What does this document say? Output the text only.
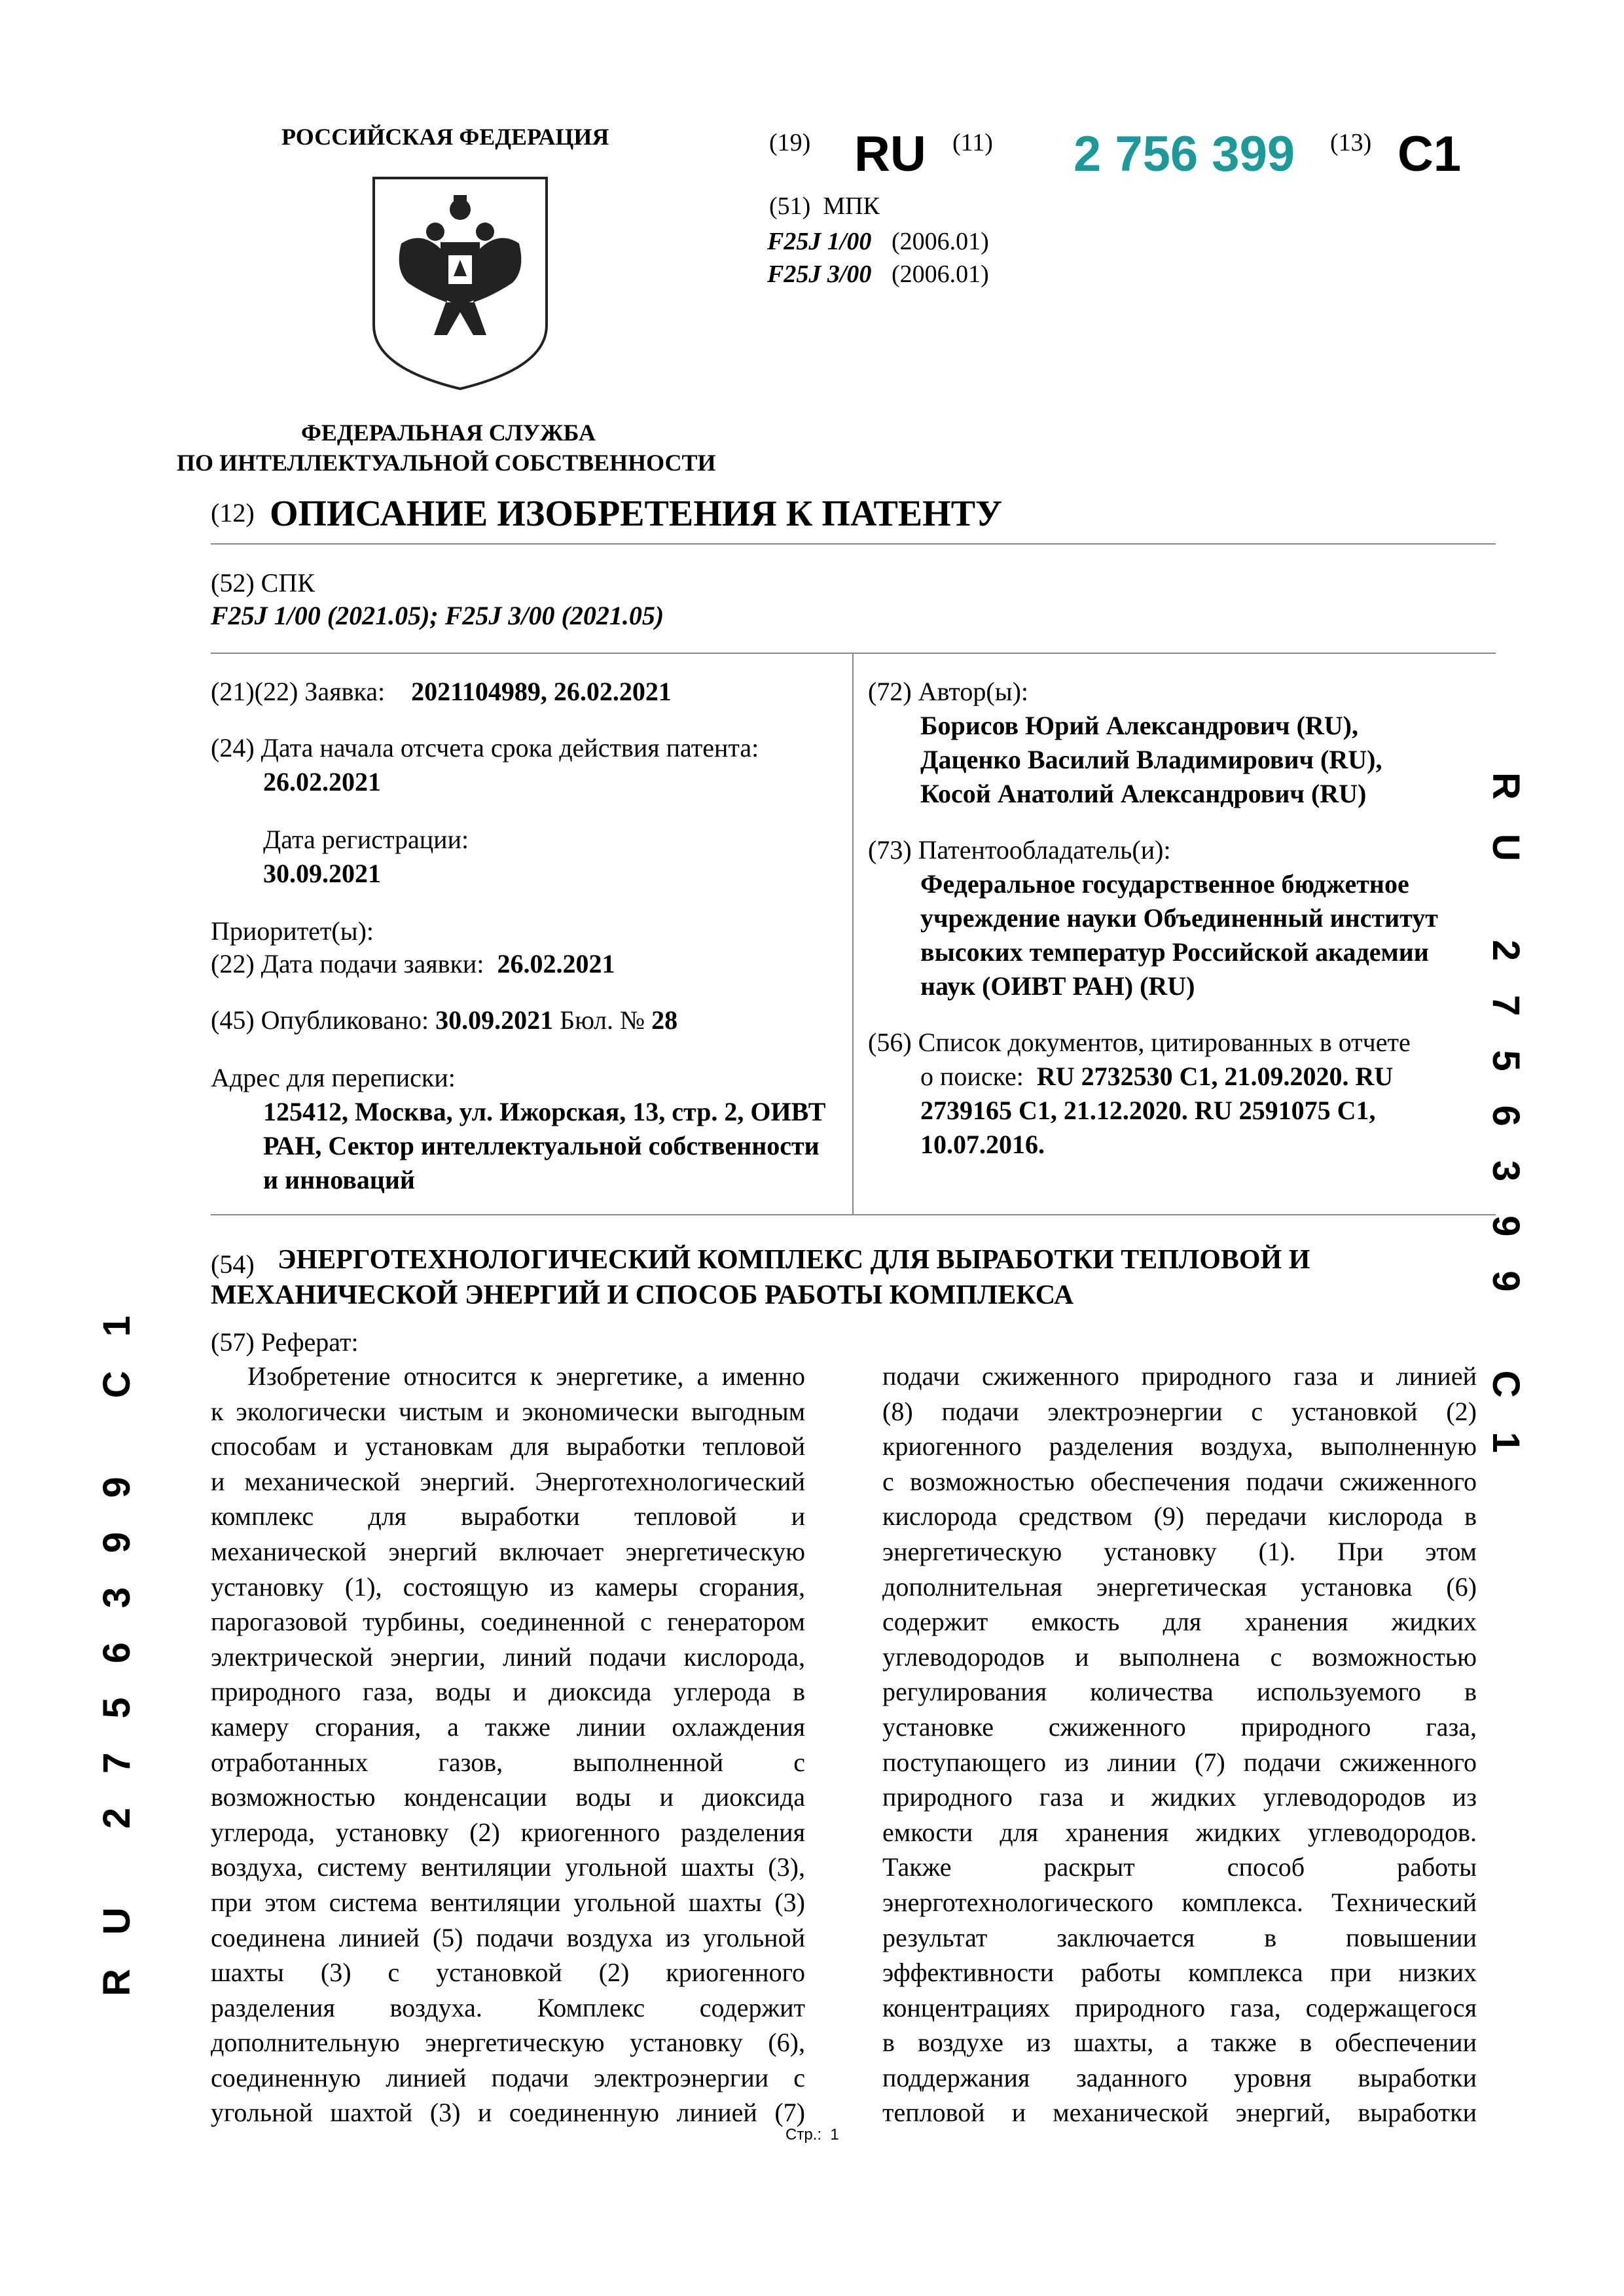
РОССИЙСКАЯ ФЕДЕРАЦИЯ
ФЕДЕРАЛЬНАЯ СЛУЖБА
ПО ИНТЕЛЛЕКТУАЛЬНОЙ СОБСТВЕННОСТИ
(19) RU (11) 2 756 399 (13) C1
(51) МПК
F25J 1/00 (2006.01)
F25J 3/00 (2006.01)
(12) ОПИСАНИЕ ИЗОБРЕТЕНИЯ К ПАТЕНТУ
(52) СПК
F25J 1/00 (2021.05); F25J 3/00 (2021.05)
(21)(22) Заявка: 2021104989, 26.02.2021
(24) Дата начала отсчета срока действия патента:
26.02.2021
Дата регистрации:
30.09.2021
Приоритет(ы):
(22) Дата подачи заявки: 26.02.2021
(45) Опубликовано: 30.09.2021 Бюл. № 28
Адрес для переписки:
125412, Москва, ул. Ижорская, 13, стр. 2, ОИВТ
РАН, Сектор интеллектуальной собственности
и инноваций
(72) Автор(ы):
Борисов Юрий Александрович (RU),
Даценко Василий Владимирович (RU),
Косой Анатолий Александрович (RU)
(73) Патентообладатель(и):
Федеральное государственное бюджетное
учреждение науки Объединенный институт
высоких температур Российской академии
наук (ОИВТ РАН) (RU)
(56) Список документов, цитированных в отчете
о поиске: RU 2732530 C1, 21.09.2020. RU
2739165 C1, 21.12.2020. RU 2591075 C1,
10.07.2016.
(54) ЭНЕРГОТЕХНОЛОГИЧЕСКИЙ КОМПЛЕКС ДЛЯ ВЫРАБОТКИ ТЕПЛОВОЙ И
МЕХАНИЧЕСКОЙ ЭНЕРГИЙ И СПОСОБ РАБОТЫ КОМПЛЕКСА
(57) Реферат:
Изобретение относится к энергетике, а именно
к экологически чистым и экономически выгодным
способам и установкам для выработки тепловой
и механической энергий. Энерготехнологический
комплекс для выработки тепловой и
механической энергий включает энергетическую
установку (1), состоящую из камеры сгорания,
парогазовой турбины, соединенной с генератором
электрической энергии, линий подачи кислорода,
природного газа, воды и диоксида углерода в
камеру сгорания, а также линии охлаждения
отработанных газов, выполненной с
возможностью конденсации воды и диоксида
углерода, установку (2) криогенного разделения
воздуха, систему вентиляции угольной шахты (3),
при этом система вентиляции угольной шахты (3)
соединена линией (5) подачи воздуха из угольной
шахты (3) с установкой (2) криогенного
разделения воздуха. Комплекс содержит
дополнительную энергетическую установку (6),
соединенную линией подачи электроэнергии с
угольной шахтой (3) и соединенную линией (7)
подачи сжиженного природного газа и линией
(8) подачи электроэнергии с установкой (2)
криогенного разделения воздуха, выполненную
с возможностью обеспечения подачи сжиженного
кислорода средством (9) передачи кислорода в
энергетическую установку (1). При этом
дополнительная энергетическая установка (6)
содержит емкость для хранения жидких
углеводородов и выполнена с возможностью
регулирования количества используемого в
установке сжиженного природного газа,
поступающего из линии (7) подачи сжиженного
природного газа и жидких углеводородов из
емкости для хранения жидких углеводородов.
Также раскрыт способ работы
энерготехнологического комплекса. Технический
результат заключается в повышении
эффективности работы комплекса при низких
концентрациях природного газа, содержащегося
в воздухе из шахты, а также в обеспечении
поддержания заданного уровня выработки
тепловой и механической энергий, выработки
RU 2756399 C1
RU 2756399 C1
Стр.: 1
